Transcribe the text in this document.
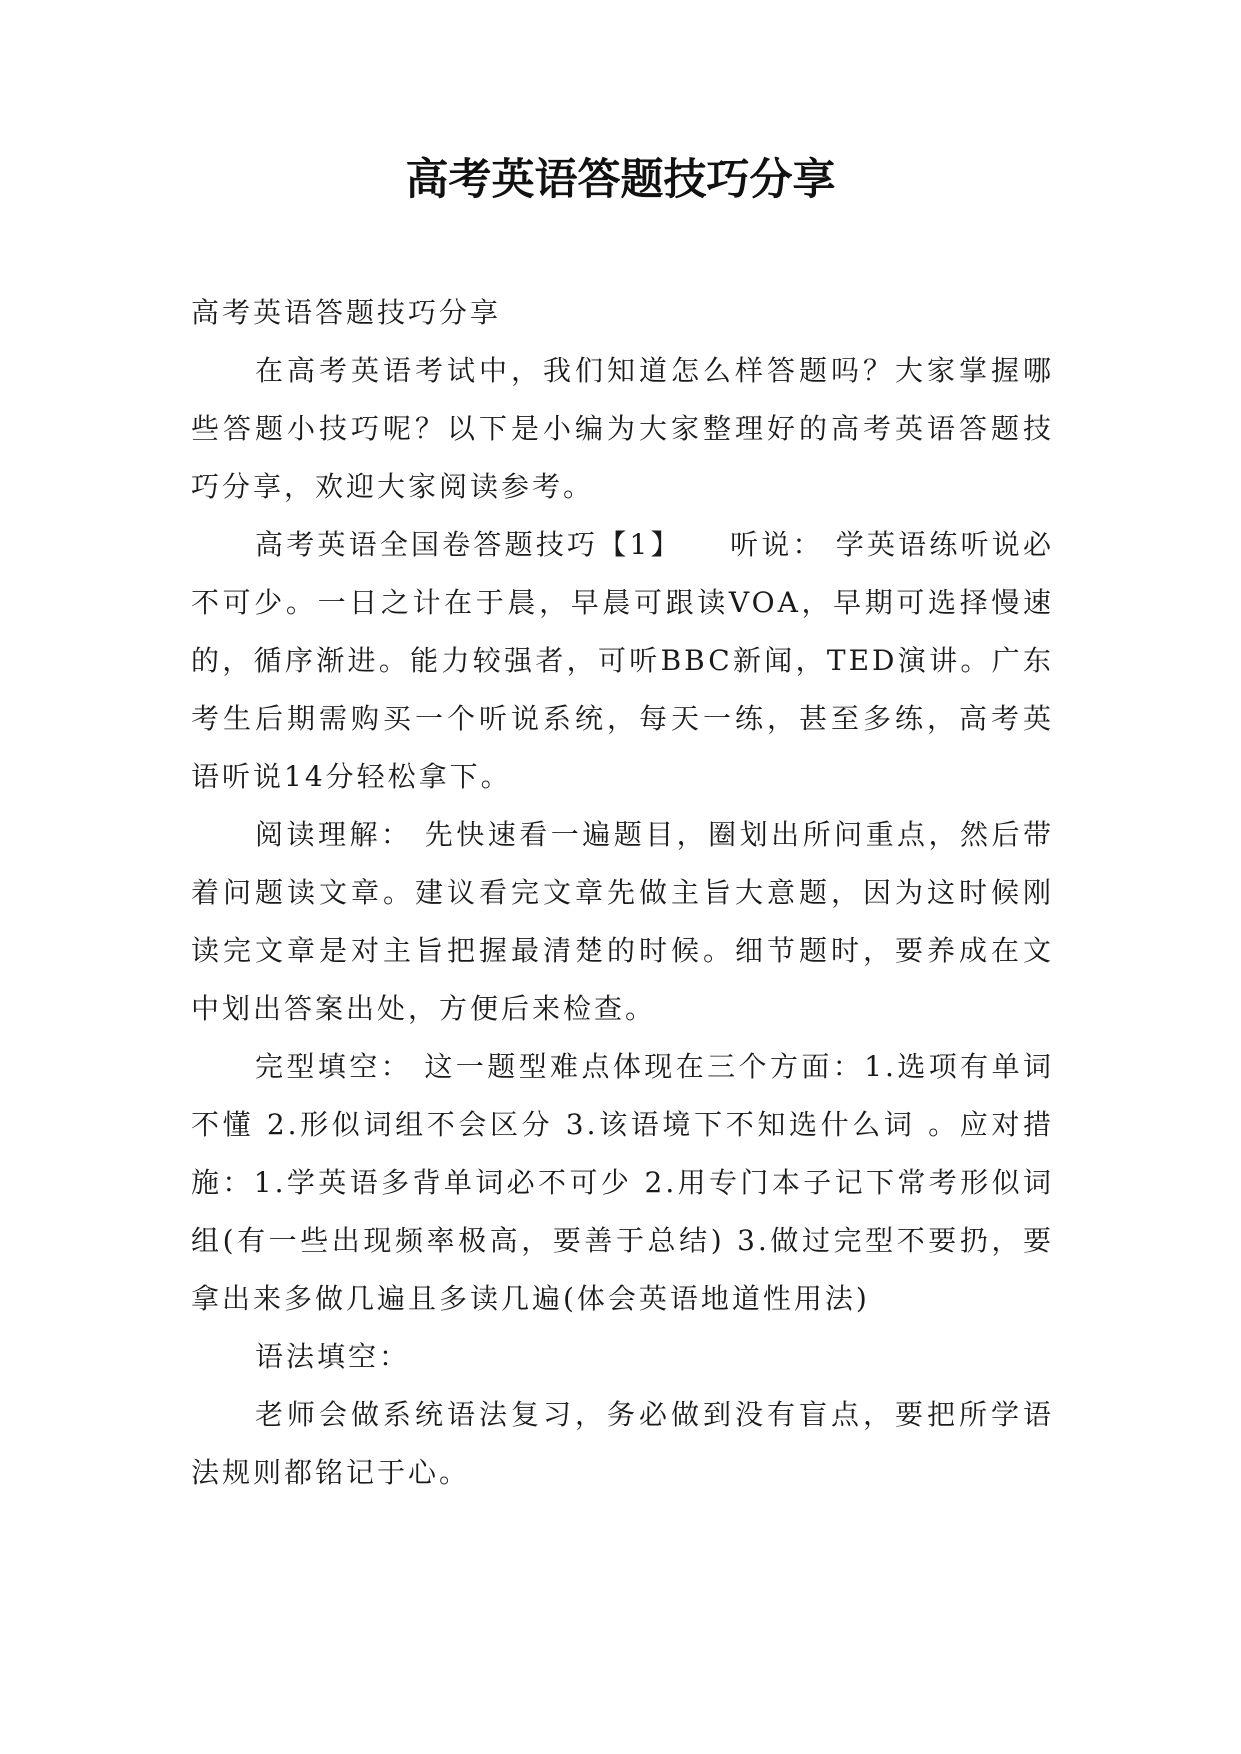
高考英语答题技巧分享

高考英语答题技巧分享

在高考英语考试中，我们知道怎么样答题吗？大家掌握哪些答题小技巧呢？以下是小编为大家整理好的高考英语答题技巧分享，欢迎大家阅读参考。

高考英语全国卷答题技巧【1】　　听说： 学英语练听说必不可少。一日之计在于晨，早晨可跟读VOA，早期可选择慢速的，循序渐进。能力较强者，可听BBC新闻，TED演讲。广东考生后期需购买一个听说系统，每天一练，甚至多练，高考英语听说14分轻松拿下。

阅读理解： 先快速看一遍题目，圈划出所问重点，然后带着问题读文章。建议看完文章先做主旨大意题，因为这时候刚读完文章是对主旨把握最清楚的时候。细节题时，要养成在文中划出答案出处，方便后来检查。

完型填空： 这一题型难点体现在三个方面：1.选项有单词不懂 2.形似词组不会区分 3.该语境下不知选什么词 。应对措施：1.学英语多背单词必不可少 2.用专门本子记下常考形似词组(有一些出现频率极高，要善于总结) 3.做过完型不要扔，要拿出来多做几遍且多读几遍(体会英语地道性用法)

语法填空：

老师会做系统语法复习，务必做到没有盲点，要把所学语法规则都铭记于心。
